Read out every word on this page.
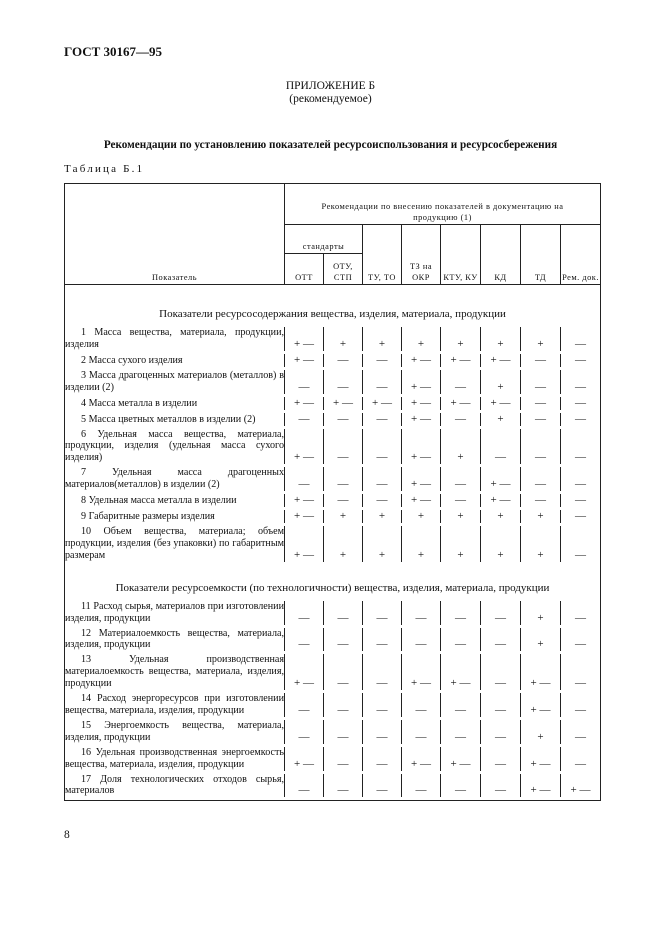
ГОСТ 30167—95
ПРИЛОЖЕНИЕ Б
(рекомендуемое)
Рекомендации по установлению показателей ресурсоиспользования и ресурсосбережения
Таблица Б.1
Показатель	Рекомендации по внесению показателей в документацию на продукцию (1)							
	стандарты		ТУ, ТО	ТЗ на ОКР	КТУ, КУ	КД	ТД	Рем. док.
	ОТТ	ОТУ, СТП						

Показатели ресурсосодержания вещества, изделия, материала, продукции								

1 Масса вещества, материала, продукции, изделия	+ —	+	+	+	+	+	+	—

2 Масса сухого изделия	+ —	—	—	+ —	+ —	+ —	—	—

3 Масса драгоценных материалов (металлов) в изделии (2)	—	—	—	+ —	—	+	—	—

4 Масса металла в изделии	+ —	+ —	+ —	+ —	+ —	+ —	—	—

5 Масса цветных металлов в изделии (2)	—	—	—	+ —	—	+	—	—

6 Удельная масса вещества, материала, продукции, изделия (удельная масса сухого изделия)	+ —	—	—	+ —	+	—	—	—

7 Удельная масса драгоценных материалов(металлов) в изделии (2)	—	—	—	+ —	—	+ —	—	—

8 Удельная масса металла в изделии	+ —	—	—	+ —	—	+ —	—	—

9 Габаритные размеры изделия	+ —	+	+	+	+	+	+	—

10 Объем вещества, материала; объем продукции, изделия (без упаковки) по габаритным размерам	+ —	+	+	+	+	+	+	—

Показатели ресурсоемкости (по технологичности) вещества, изделия, материала, продукции								

11 Расход сырья, материалов при изготовлении изделия, продукции	—	—	—	—	—	—	+	—

12 Материалоемкость вещества, материала, изделия, продукции	—	—	—	—	—	—	+	—

13 Удельная производственная материалоемкость вещества, материала, изделия, продукции	+ —	—	—	+ —	+ —	—	+ —	—

14 Расход энергоресурсов при изготовлении вещества, материала, изделия, продукции	—	—	—	—	—	—	+ —	—

15 Энергоемкость вещества, материала, изделия, продукции	—	—	—	—	—	—	+	—

16 Удельная производственная энергоемкость вещества, материала, изделия, продукции	+ —	—	—	+ —	+ —	—	+ —	—

17 Доля технологических отходов сырья, материалов	—	—	—	—	—	—	+ —	+ —

8
